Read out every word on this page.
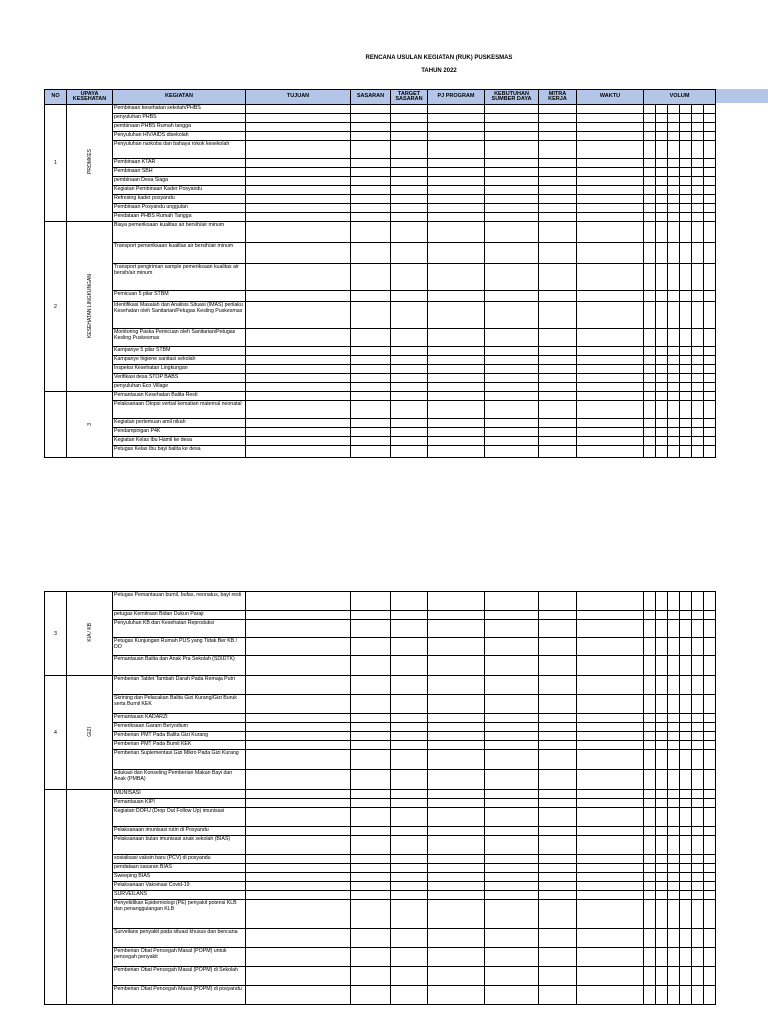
RENCANA USULAN KEGIATAN (RUK) PUSKESMAS
TAHUN 2022
NO	UPAYA KESEHATAN	KEGIATAN	TUJUAN	SASARAN	TARGET SASARAN	PJ PROGRAM	KEBUTUHAN SUMBER DAYA	MITRA KERJA	WAKTU	VOLUM					
1	PROMKES	Pembinaan kesehatan sekolah/PHBS													
		penyuluhan PHBS													
		pembinaan PHBS Rumah tangga													
		Penyuluhan HIV/AIDS disekolah													
		Penyuluhan narkoba dan bahaya rokok kesekolah													
		Pembinaan KTAR													
		Pembinaan SBH													
		pembinaan Desa Siaga													
		Kegiatan Pembinaan Kader Posyandu													
		Refresing kader posyandu													
		Pembinaan Posyandu unggulan													
		Pendataan PHBS Rumah Tangga													
2	KESEHATAN LINGKUNGAN	Biaya pemeriksaan kualitas air bersih/air minum													
		Transport pemeriksaan kualitas air bersih/air minum													
		Transport pengiriman sample pemeriksaan kualitas air bersih/air minum													
		Pemicuan 5 pilar STBM													
		Identifikasi Masalah dan Analisis Situasi (IMAS) perilaku Kesehatan oleh Sanitarian/Petugas Kesling Puskesmas													
		Monitoring Paska Pemicuan oleh Sanitarian/Petugas Kesling Puskesmas													
		Kampanye 5 pilar STBM													
		Kampanye higiene sanitasi sekolah													
		Inspeksi Kesehatan Lingkungan													
		Verifikasi desa STOP BABS													
		penyuluhan Eco Village													
	3	Pemantauan Kesehatan Balita Resti													
		Pelaksanaan Otopsi verbal kematian maternal neonatal													
		Kegiatan pertemuan amil nikah													
		Pendampingan P4K													
		Kegiatan Kelas Ibu Hamil ke desa													
		Petugas Kelas Ibu bayi balita ke desa													
3	KIA / KB	Petugas Pemantauan bumil, bufas, neonatus, bayi resti													
		petugas Kemitraan Bidan Dukun Paraji													
		Penyuluhan KB dan Kesehatan Reproduksi													
		Petugas Kunjungan Rumah PUS yang Tidak Ber KB / DO													
		Pemantauan Balita dan Anak Pra Sekolah (SDIDTK)													
4	GIZI	Pemberian Tablet Tambah Darah Pada Remaja Putri													
		Skrining dan Pelacakan Balita Gizi Kurang/Gizi Buruk serta Bumil KEK													
		Pemantauan KADARZI													
		Pemeriksaan Garam Beryodium													
		Pemberian PMT Pada Balita Gizi Kurang													
		Pemberian PMT Pada Bumil KEK													
		Pemberian Suplementasi Gizi Mikro Pada Gizi Kurang													
		Edukasi dan Konseling Pemberian Makan Bayi dan Anak (PMBA)													
		IMUNISASI													
		Pemantauan KIPI													
		Kegiatan DOFU (Drop Out Follow Up) imunisasi													
		Pelaksanaan imunisasi rutin di Posyandu													
		Pelaksanaan bulan imunisasi anak sekolah (BIAS)													
		sosialisasi vaksin baru (PCV) di posyandu													
		pendataan sasaran BIAS													
		Sweeping BIAS													
		Pelaksanaan Vaksinasi Covid-19													
		SURVEILANS													
		Penyelidikan Epidemiologi (PE) penyakit potensi KLB dan penanggulangan KLB													
		Surveilans penyakit pada situasi khusus dan bencana													
		Pemberian Obat Pencegah Masal (POPM) untuk pencegah penyakit													
		Pemberian Obat Pencegah Masal (POPM) di Sekolah													
		Pemberian Obat Pencegah Masal (POPM) di posyandu													
